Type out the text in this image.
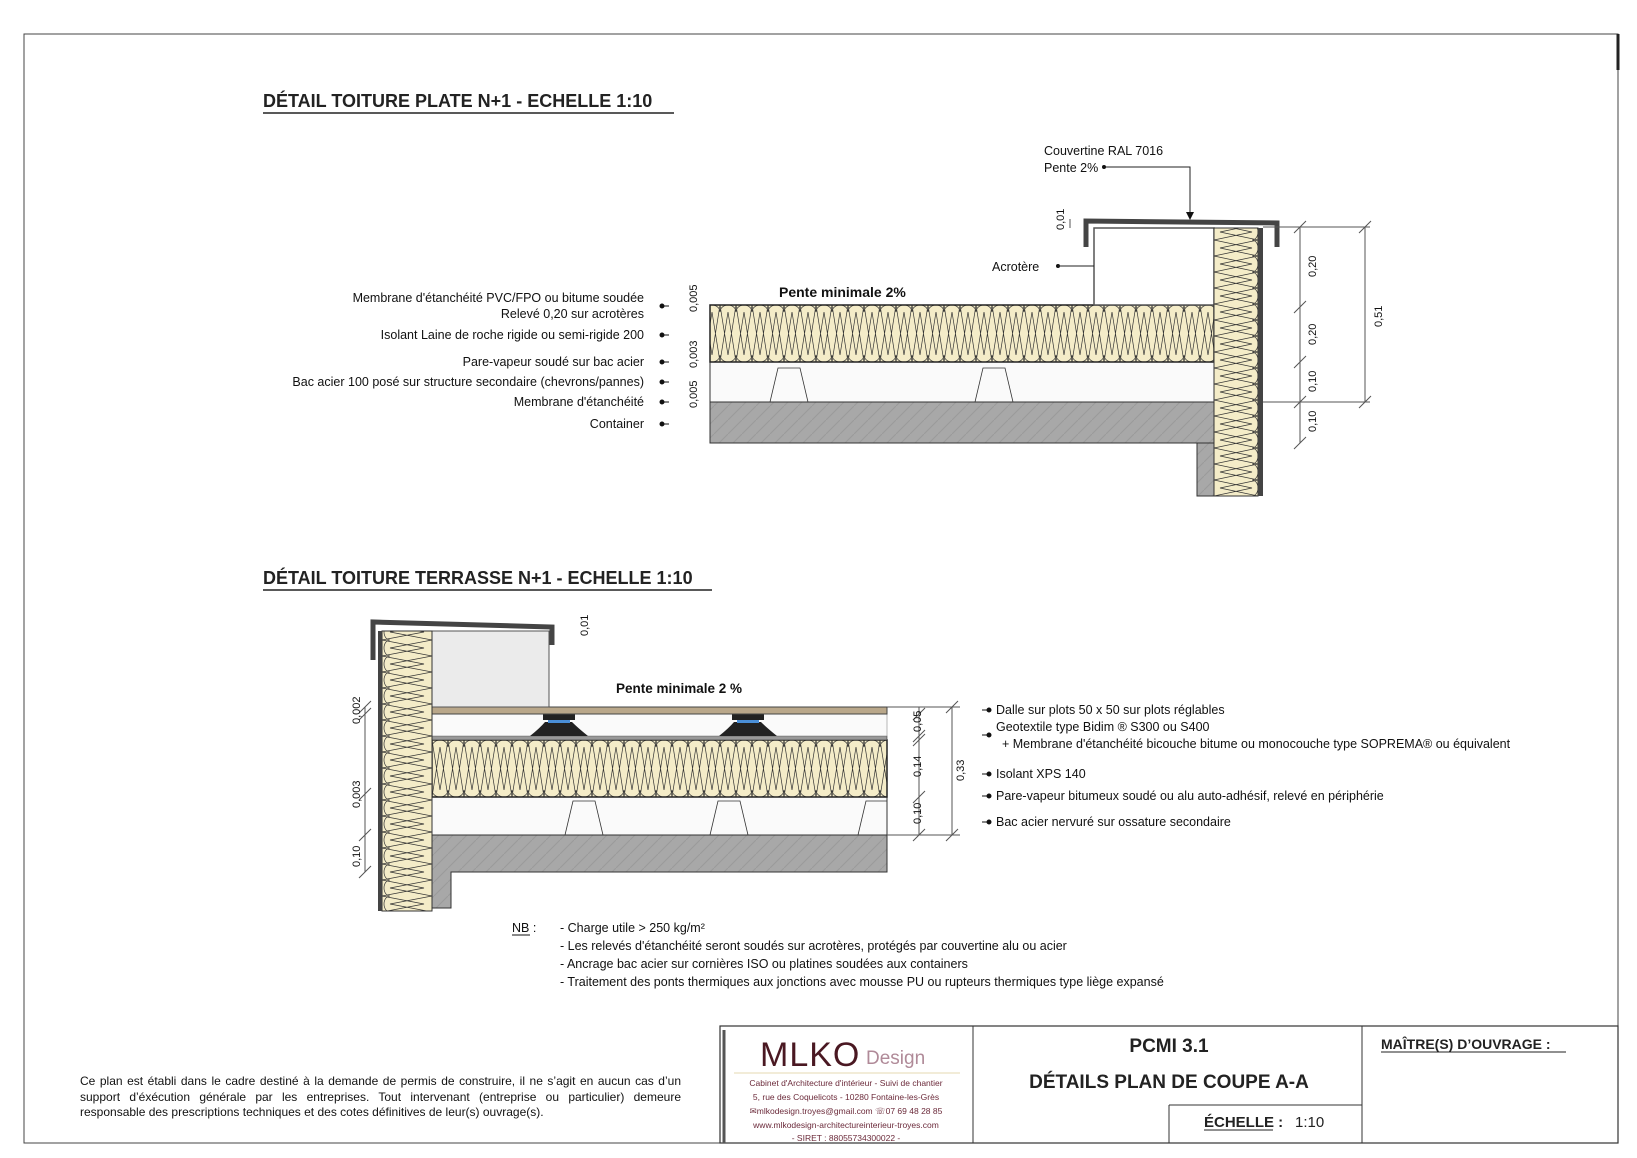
DÉTAIL TOITURE PLATE N+1 - ECHELLE 1:10
DÉTAIL TOITURE TERRASSE N+1 - ECHELLE 1:10
Pente minimale 2%
Membrane d'étanchéité PVC/FPO ou bitume soudée
Relevé 0,20 sur acrotères
Isolant Laine de roche rigide ou semi-rigide 200
Pare-vapeur soudé sur bac acier
Bac acier 100 posé sur structure secondaire (chevrons/pannes)
Membrane d'étanchéité
Container
0,005
0,003
0,005
Couvertine RAL 7016
Pente 2%
Acrotère	0,20
0,20
0,10
0,10
0,51
0,01
Pente minimale 2 %
0,01
0,002
0,003
0,10
0,05
0,14
0,10
0,33
Dalle sur plots 50 x 50 sur plots réglables
Geotextile type Bidim ® S300 ou S400
+ Membrane d'étanchéité bicouche bitume ou monocouche type SOPREMA® ou équivalent
Isolant XPS 140
Pare-vapeur bitumeux soudé ou alu auto-adhésif, relevé en périphérie
Bac acier nervuré sur ossature secondaire
NB : - Charge utile > 250 kg/m²
- Les relevés d'étanchéité seront soudés sur acrotères, protégés par couvertine alu ou acier
- Ancrage bac acier sur cornières ISO ou platines soudées aux containers
- Traitement des ponts thermiques aux jonctions avec mousse PU ou rupteurs thermiques type liège expansé
PCMI 3.1
DÉTAILS PLAN DE COUPE A-A
ÉCHELLE : 1:10
MAÎTRE(S) D’OUVRAGE :
MLKO Design
Cabinet d'Architecture d'intérieur - Suivi de chantier
5, rue des Coquelicots - 10280 Fontaine-les-Grès
✉mlkodesign.troyes@gmail.com ☏07 69 48 28 85
www.mlkodesign-architectureinterieur-troyes.com
- SIRET : 88055734300022 -
Ce plan est établi dans le cadre destiné à la demande de permis de construire, il ne s’agit en aucun cas d’un support d’éxécution générale par les entreprises. Tout intervenant (entreprise ou particulier) demeure responsable des prescriptions techniques et des cotes définitives de leur(s) ouvrage(s).
